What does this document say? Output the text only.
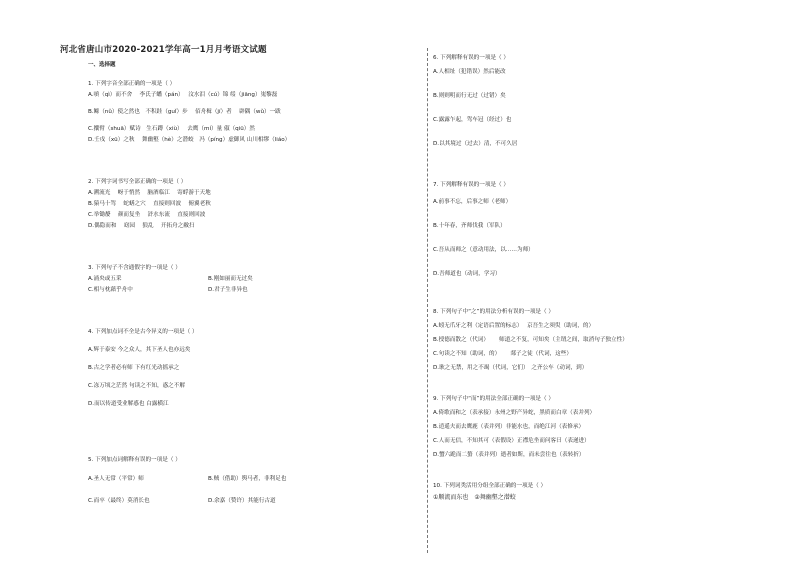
河北省唐山市2020-2021学年高一1月月考语文试题
一、选择题
1. 下列字音全部正确的一项是（ ）
A.嗔（qì）而不舍　 李氏子蟠（pán）　 汶水泪（cú）锦 绥（jiāng）嵬黎磊
B.鲧（nǔ）使之然也　不积跬（guǐ）步　 佰舟楫（jí）者　 辟隅（wǔ）一跋
C.攮臂（shuā）赋诗　生石蹲（xiù）　 去鹰（mí）量 俶（qiū）然
D.壬戌（xū）之秋　 舞幽壑（hè）之潜蛟　冯（píng）虚御风 山川相缪（liáo）
2. 下列字词书写全部正确的一项是（ ）
A.溯流光　 岈于悄然　 脑酒临江　 寄蜉游于天地
B.猿马十驾　 蛇蟮之穴　 直接则回波　 俯翼老秋
C.举锄嫠　 颜而复坐　 浒水东流　 直接则回波
D.偶隐而和　 窈园　 狼乱　 开拓舟之敝扫
3. 下列句子不含通假字的一项是（ ）
A.涌央或五采	B.刚如丽而无过矣
C.相与枕藉乎舟中	D.君子生非异也
4. 下列加点词不全是古今异义的一项是（ ）
A.辉于泰安 今之众人，其下圣人也亦远矣
B.古之学者必有师 下有红光动摇承之
C.冻万顷之茫然 句读之不知，惑之不解
D.而以传道受业解惑也 白露横江
5. 下列加点词解释有误的一项是（ ）
A.圣人无常（平常）师	B.贼（借助）舆马者，非利足也
C.而卒（最终）莫消长也	D.余嘉（赞许）其能行古道
6. 下列解释有误的一项是（ ）
A.人相址（犯错误）然后能改
B.则则明而行无过（过错）矣
C.露露乍起，驾车冠（经过）也
D.以其境过（过去）清，不可久居
7. 下列解释有误的一项是（ ）
A.前事不忘，后事之师（老师）
B.十年春，齐师伐我（军队）
C.吾从而师之（意动用法，以……为师）
D.吾师道也（动词，学习）
8. 下列句子中“之”的用法分析有误的一项是（ ）
A.蚓无爪牙之利（定语后置的标志）　 京吾生之须臾（助词，的）
B.授德而散之（代词）　　 师道之不复，可知矣（主谓之间，取消句子独立性）
C.句读之不知（助词，的）　　 郯子之徒（代词，这些）
D.耿之无禁，用之不竭（代词，它们）　之齐公车（动词，到）
9. 下列句子中“而”的用法全部正确的一项是（ ）
A.倚歌而和之（表承接）永州之野产异蛇，黑质而白章（表并列）
B.逍遥夫而去鹰鹿（表并列）非能水也，而绝江河（表修承）
C.人而无信，不知其可（表假设）正襟危坐而问客曰（表递进）
D.蟹六跪而二螯（表并列）逝者如斯，而未尝往也（表转折）
10. 下列词类活用分组全部正确的一项是（ ）
①顺流而东也　②舞幽壑之潜蛟
